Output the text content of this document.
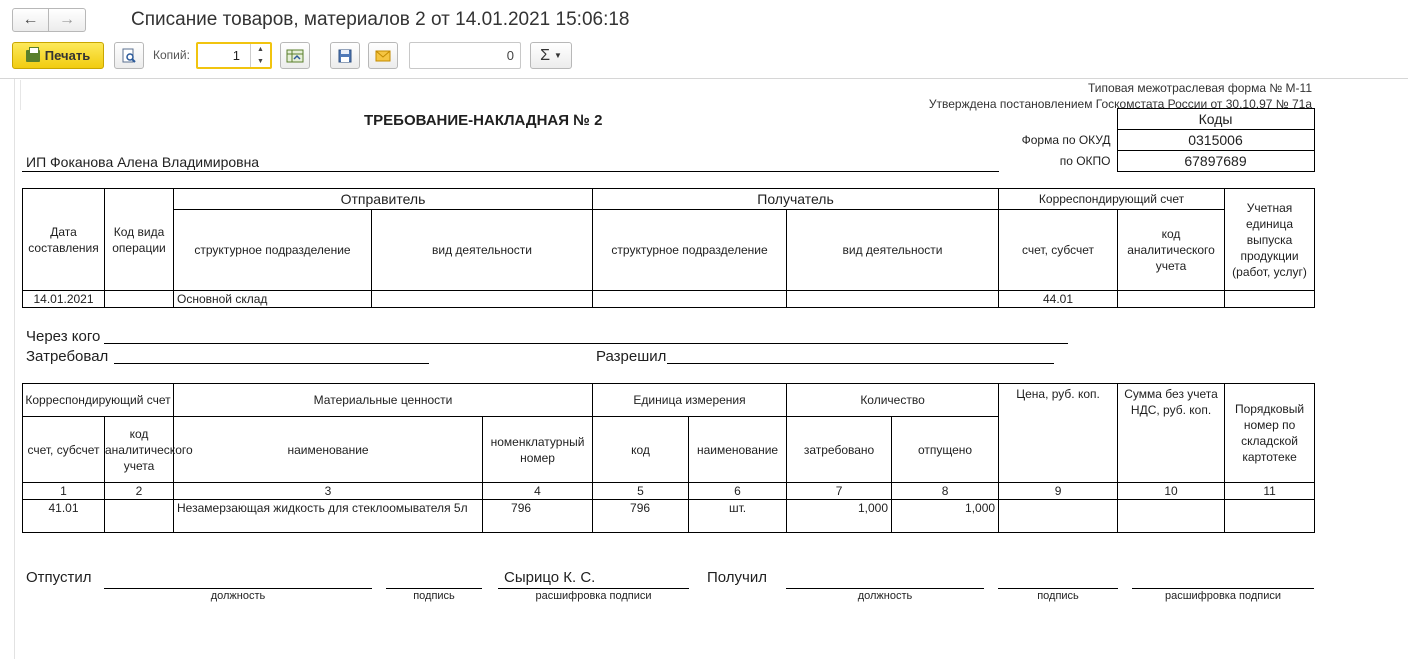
← →	Списание товаров, материалов 2 от 14.01.2021 15:06:18
Печать	Копий:	1 ▲
▼	0	Σ ▼
Типовая межотраслевая форма № М-11
Утверждена постановлением Госкомстата России от 30.10.97 № 71а
ТРЕБОВАНИЕ-НАКЛАДНАЯ № 2
ИП Фоканова Алена Владимировна
	Коды
Форма по ОКУД	0315006
по ОКПО	67897689
Дата составления	Код вида операции	Отправитель		Получатель		Корреспондирующий счет		Учетная единица выпуска продукции (работ, услуг)
		структурное подразделение	вид деятельности	структурное подразделение	вид деятельности	счет, субсчет	код аналитического учета	
14.01.2021		Основной склад				44.01		
Через кого
Затребовал	Разрешил
Корреспондирующий счет		Материальные ценности		Единица измерения		Количество		Цена, руб. коп.	Сумма без учета НДС, руб. коп.	Порядковый номер по складской картотеке
счет, субсчет	код аналитического учета	наименование	номенклатурный номер	код	наименование	затребовано	отпущено			
1	2	3	4	5	6	7	8	9	10	11
41.01		Незамерзающая жидкость для стеклоомывателя 5л	796	796	шт.	1,000	1,000			
Отпустил	Сырицо К. С.
должность	подпись	расшифровка подписи
Получил
должность	подпись	расшифровка подписи
